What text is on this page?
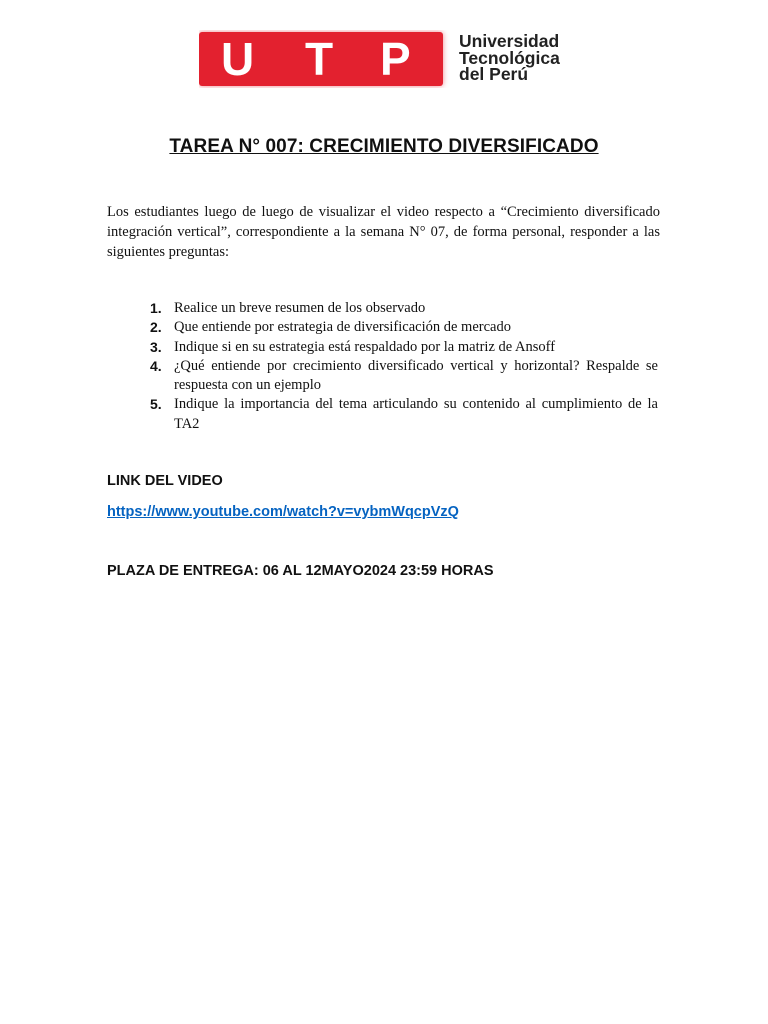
U T P	Universidad
Tecnológica
del Perú
TAREA N° 007: CRECIMIENTO DIVERSIFICADO

Los estudiantes luego de luego de visualizar el video respecto a “Crecimiento diversificado integración vertical”, correspondiente a la semana N° 07, de forma personal, responder a las siguientes preguntas:

1. Realice un breve resumen de los observado
2. Que entiende por estrategia de diversificación de mercado
3. Indique si en su estrategia está respaldado por la matriz de Ansoff
4. ¿Qué entiende por crecimiento diversificado vertical y horizontal? Respalde se respuesta con un ejemplo
5. Indique la importancia del tema articulando su contenido al cumplimiento de la TA2
LINK DEL VIDEO
https://www.youtube.com/watch?v=vybmWqcpVzQ
PLAZA DE ENTREGA: 06 AL 12MAYO2024 23:59 HORAS
